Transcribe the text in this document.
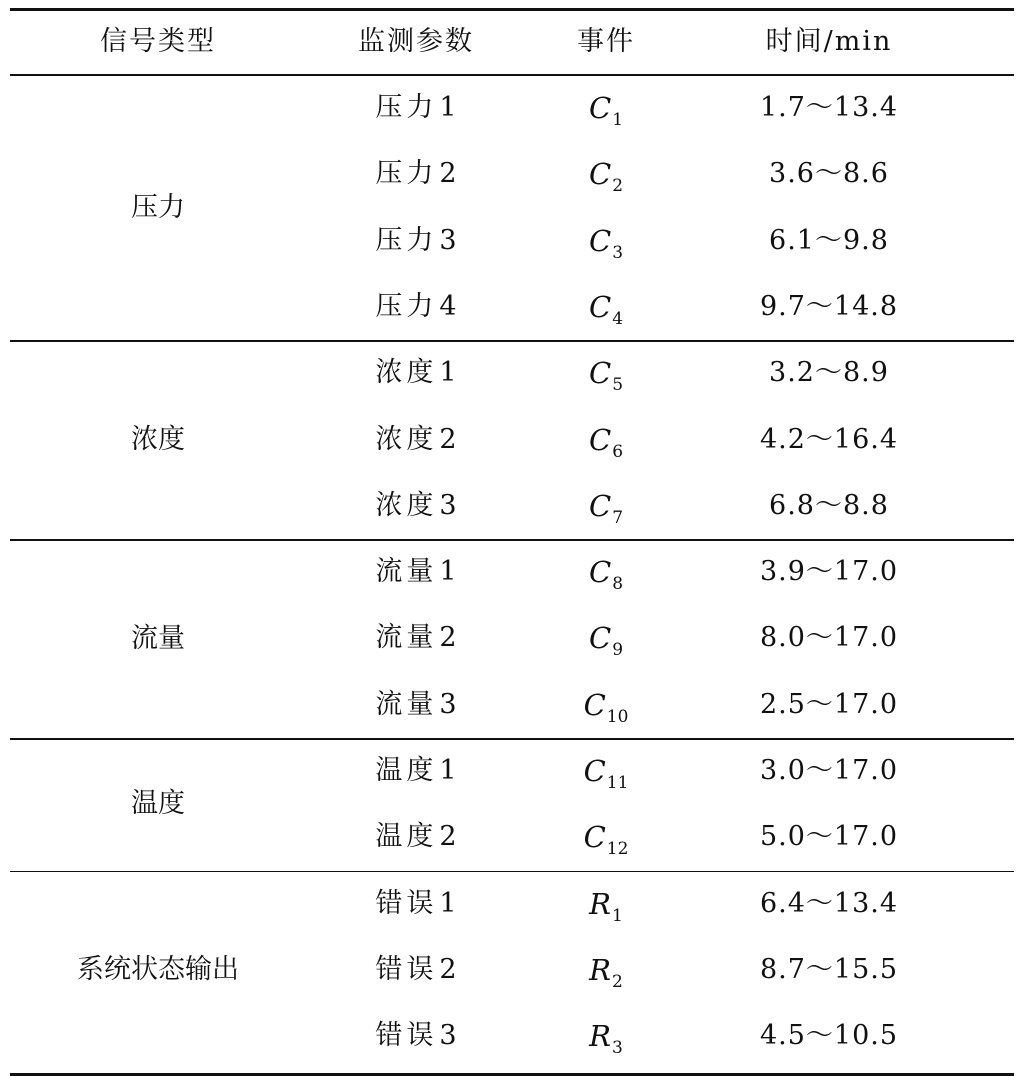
信号类型	监测参数	事件	时间/min
压力
压力1	$C_1$	1.7～13.4
压力2	$C_2$	3.6～8.6
压力3	$C_3$	6.1～9.8
压力4	$C_4$	9.7～14.8
浓度
浓度1	$C_5$	3.2～8.9
浓度2	$C_6$	4.2～16.4
浓度3	$C_7$	6.8～8.8
流量
流量1	$C_8$	3.9～17.0
流量2	$C_9$	8.0～17.0
流量3	$C_{10}$	2.5～17.0
温度
温度1	$C_{11}$	3.0～17.0
温度2	$C_{12}$	5.0～17.0
系统状态输出
错误1	$R_1$	6.4～13.4
错误2	$R_2$	8.7～15.5
错误3	$R_3$	4.5～10.5
